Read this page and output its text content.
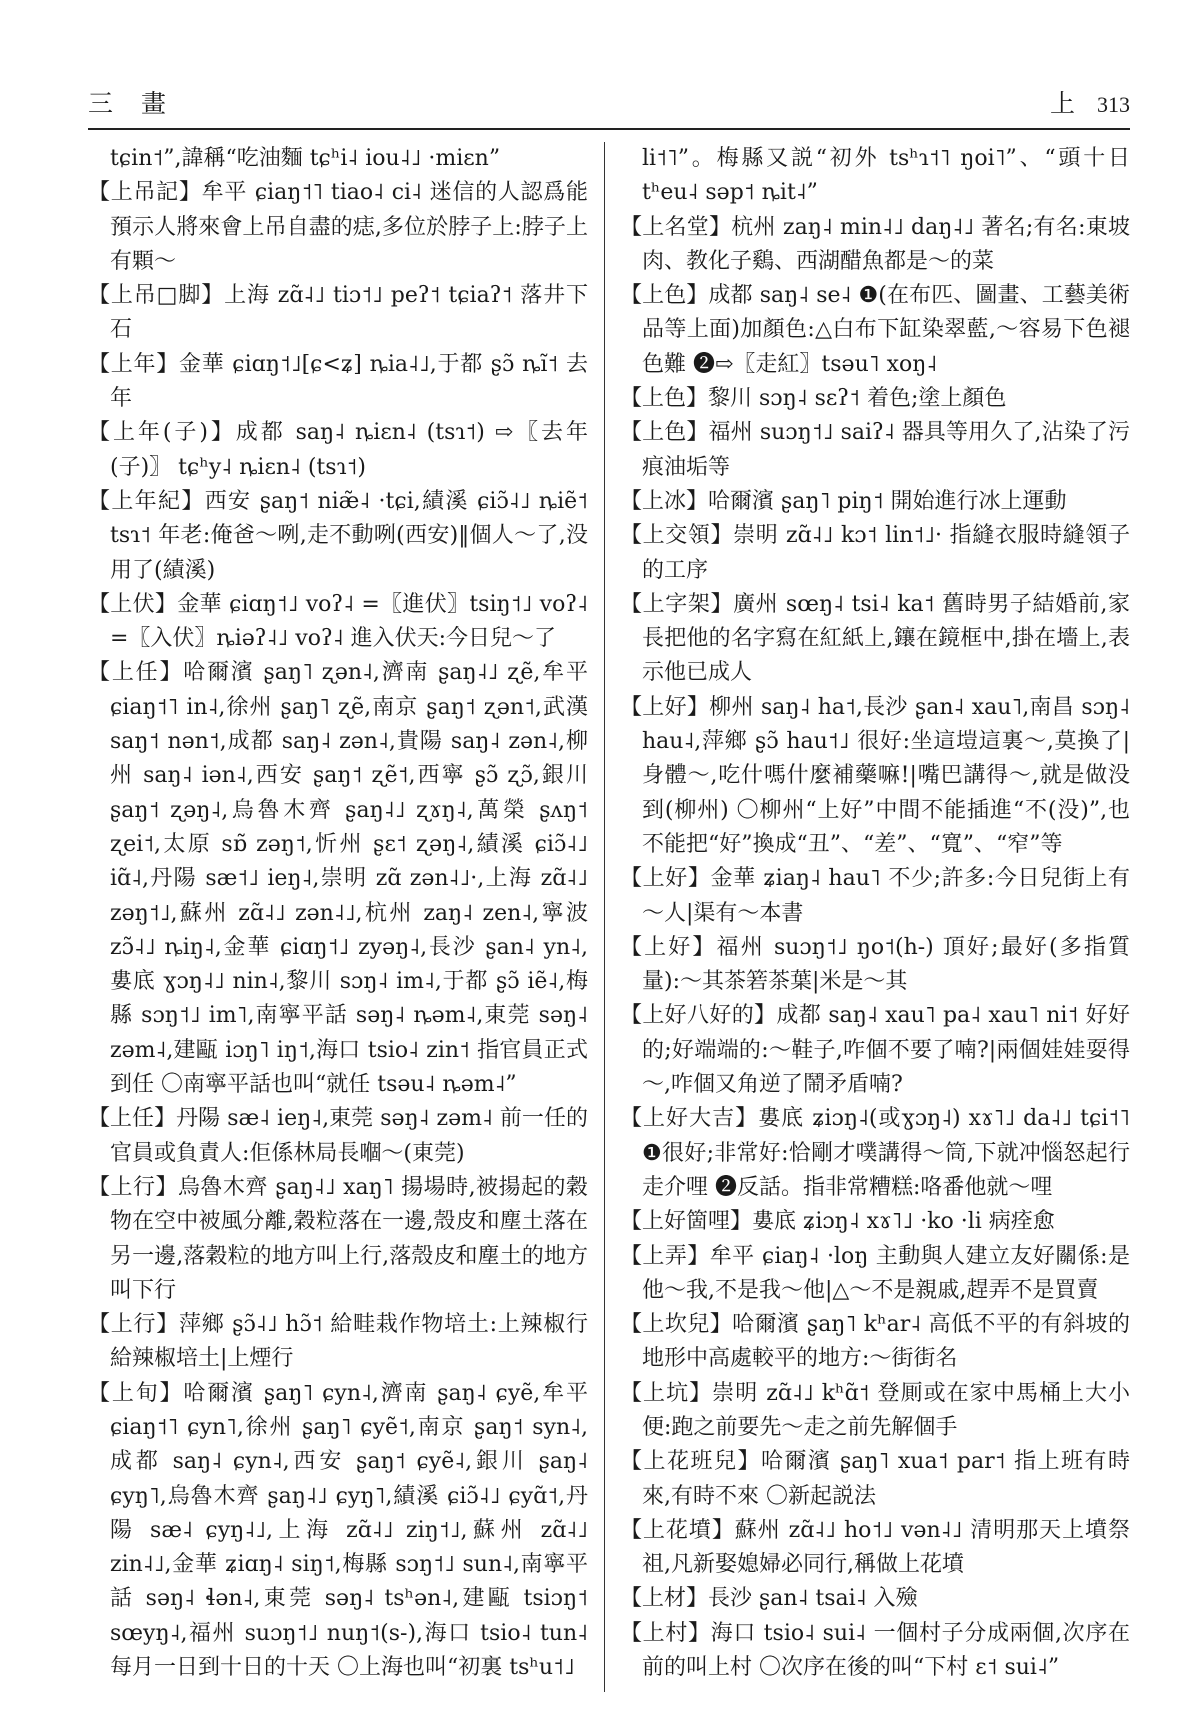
三 畫	上 313

tɕin˦”,諱稱“吃油麵 tɕʰi˨ iou˨˩ ·miɛn”

【上吊記】牟平 ɕiaŋ˦˥ tiao˨ ci˨ 迷信的人認爲能預示人將來會上吊自盡的痣,多位於脖子上:脖子上有顆～

【上吊□脚】上海 zɑ̃˨˩ tiɔ˦˩ peʔ˦ tɕiaʔ˦ 落井下石

【上年】金華 ɕiɑŋ˦˩[ɕ<ʑ] ȵia˨˩,于都 ʂɔ̃ ȵĩ˦ 去年

【上年(子)】成都 saŋ˨ ȵiɛn˨ (tsɿ˦) ⇨〖去年(子)〗 tɕʰy˨ ȵiɛn˨ (tsɿ˦)

【上年紀】西安 ʂaŋ˦ niæ̃˨ ·tɕi,績溪 ɕiɔ̃˨˩ ȵiẽ˦ tsɿ˦ 年老:俺爸～咧,走不動咧(西安)‖個人～了,没用了(績溪)

【上伏】金華 ɕiɑŋ˦˩ voʔ˨ =〖進伏〗tsiŋ˦˩ voʔ˨ =〖入伏〗ȵiəʔ˨˩ voʔ˨ 進入伏天:今日兒～了

【上任】哈爾濱 ʂaŋ˥ ʐən˨,濟南 ʂaŋ˨˩ ʐẽ,牟平 ɕiaŋ˦˥ in˨,徐州 ʂaŋ˥ ʐẽ,南京 ʂaŋ˦ ʐən˦,武漢 saŋ˦ nən˦,成都 saŋ˨ zən˨,貴陽 saŋ˨ zən˨,柳州 saŋ˨ iən˨,西安 ʂaŋ˦ ʐẽ˦,西寧 ʂɔ̃ ʐɔ̃,銀川 ʂaŋ˦ ʐəŋ˨,烏魯木齊 ʂaŋ˨˩ ʐɤŋ˨,萬榮 ʂʌŋ˦ ʐei˦,太原 sɒ̃ zəŋ˦,忻州 ʂɛ˦ ʐəŋ˨,績溪 ɕiɔ̃˨˩ iɑ̃˨,丹陽 sæ˦˩ ieŋ˨,崇明 zɑ̃ zən˨˩·,上海 zɑ̃˨˩ zəŋ˦˩,蘇州 zɑ̃˨˩ zən˨˩,杭州 zaŋ˨ zen˨,寧波 zɔ̃˨˩ ȵiŋ˨,金華 ɕiɑŋ˦˩ zyəŋ˨,長沙 ʂan˨ yn˨,婁底 ɣɔŋ˨˩ nin˨,黎川 sɔŋ˨ im˨,于都 ʂɔ̃ iẽ˨,梅縣 sɔŋ˦˩ im˥,南寧平話 səŋ˨ ȵəm˨,東莞 səŋ˨ zəm˨,建甌 iɔŋ˥ iŋ˦,海口 tsio˨ zin˦ 指官員正式到任 〇南寧平話也叫“就任 tsəu˨ ȵəm˨”

【上任】丹陽 sæ˨ ieŋ˨,東莞 səŋ˨ zəm˨ 前一任的官員或負責人:佢係林局長嗰～(東莞)

【上行】烏魯木齊 ʂaŋ˨˩ xaŋ˥ 揚場時,被揚起的穀物在空中被風分離,穀粒落在一邊,殼皮和塵土落在另一邊,落穀粒的地方叫上行,落殼皮和塵土的地方叫下行

【上行】萍鄉 ʂɔ̃˨˩ hɔ̃˦ 給畦栽作物培土:上辣椒行給辣椒培土|上煙行

【上旬】哈爾濱 ʂaŋ˥ ɕyn˨,濟南 ʂaŋ˨ ɕyẽ,牟平 ɕiaŋ˦˥ ɕyn˥,徐州 ʂaŋ˥ ɕyẽ˦,南京 ʂaŋ˦ syn˨,成都 saŋ˨ ɕyn˨,西安 ʂaŋ˦ ɕyẽ˨,銀川 ʂaŋ˨ ɕyŋ˥,烏魯木齊 ʂaŋ˨˩ ɕyŋ˥,績溪 ɕiɔ̃˨˩ ɕyɑ̃˦,丹陽 sæ˨ ɕyŋ˨˩,上海 zɑ̃˨˩ ziŋ˦˩,蘇州 zɑ̃˨˩ zin˨˩,金華 ʑiɑŋ˨ siŋ˦,梅縣 sɔŋ˦˩ sun˨,南寧平話 səŋ˨ ɬən˨,東莞 səŋ˨ tsʰən˨,建甌 tsiɔŋ˦ sœyŋ˨,福州 suɔŋ˦˩ nuŋ˦(s-),海口 tsio˨ tun˨ 每月一日到十日的十天 〇上海也叫“初裏 tsʰu˦˩

li˦˥”。梅縣又説“初外 tsʰɿ˦˥ ŋoi˥”、“頭十日 tʰeu˨ səp˦ ȵit˨”

【上名堂】杭州 zaŋ˨ min˨˩ daŋ˨˩ 著名;有名:東坡肉、教化子鷄、西湖醋魚都是～的菜

【上色】成都 saŋ˨ se˨ ❶(在布匹、圖畫、工藝美術品等上面)加顏色:△白布下缸染翠藍,～容易下色褪色難 ❷⇨〖走紅〗tsəu˥ xoŋ˨

【上色】黎川 sɔŋ˨ sɛʔ˦ 着色;塗上顏色

【上色】福州 suɔŋ˦˩ saiʔ˨ 器具等用久了,沾染了污痕油垢等

【上冰】哈爾濱 ʂaŋ˥ piŋ˦ 開始進行冰上運動

【上交領】崇明 zɑ̃˨˩ kɔ˦ lin˦˩· 指縫衣服時縫領子的工序

【上字架】廣州 sœŋ˨ tsi˨ ka˦ 舊時男子結婚前,家長把他的名字寫在紅紙上,鑲在鏡框中,掛在墻上,表示他已成人

【上好】柳州 saŋ˨ ha˦,長沙 ʂan˨ xau˥,南昌 sɔŋ˨ hau˨,萍鄉 ʂɔ̃ hau˦˩ 很好:坐這塏這裏～,莫換了|身體～,吃什嗎什麼補藥嘛!|嘴巴講得～,就是做没到(柳州) 〇柳州“上好”中間不能插進“不(没)”,也不能把“好”換成“丑”、“差”、“寬”、“窄”等

【上好】金華 ʑiaŋ˨ hau˥ 不少;許多:今日兒街上有～人|渠有～本書

【上好】福州 suɔŋ˦˩ ŋo˦(h-) 頂好;最好(多指質量):～其茶箬茶葉|米是～其

【上好八好的】成都 saŋ˨ xau˥ pa˨ xau˥ ni˦ 好好的;好端端的:～鞋子,咋個不要了喃?|兩個娃娃耍得～,咋個又角逆了鬧矛盾喃?

【上好大吉】婁底 ʑiɔŋ˨(或ɣɔŋ˨) xɤ˥˩ da˨˩ tɕi˦˥ ❶很好;非常好:恰剛才噗講得～筒,下就冲惱怒起行走介哩 ❷反話。指非常糟糕:咯番他就～哩

【上好箇哩】婁底 ʑiɔŋ˨ xɤ˥˩ ·ko ·li 病痊愈

【上弄】牟平 ɕiaŋ˨ ·loŋ 主動與人建立友好關係:是他～我,不是我～他|△～不是親戚,趕弄不是買賣

【上坎兒】哈爾濱 ʂaŋ˥ kʰar˨ 高低不平的有斜坡的地形中高處較平的地方:～街街名

【上坑】崇明 zɑ̃˨˩ kʰɑ̃˦ 登厠或在家中馬桶上大小便:跑之前要先～走之前先解個手

【上花班兒】哈爾濱 ʂaŋ˥ xua˦ par˦ 指上班有時來,有時不來 〇新起説法

【上花墳】蘇州 zɑ̃˨˩ ho˦˩ vən˨˩ 清明那天上墳祭祖,凡新娶媳婦必同行,稱做上花墳

【上材】長沙 ʂan˨ tsai˨ 入殮

【上村】海口 tsio˨ sui˨ 一個村子分成兩個,次序在前的叫上村 〇次序在後的叫“下村 ɛ˦ sui˨”
